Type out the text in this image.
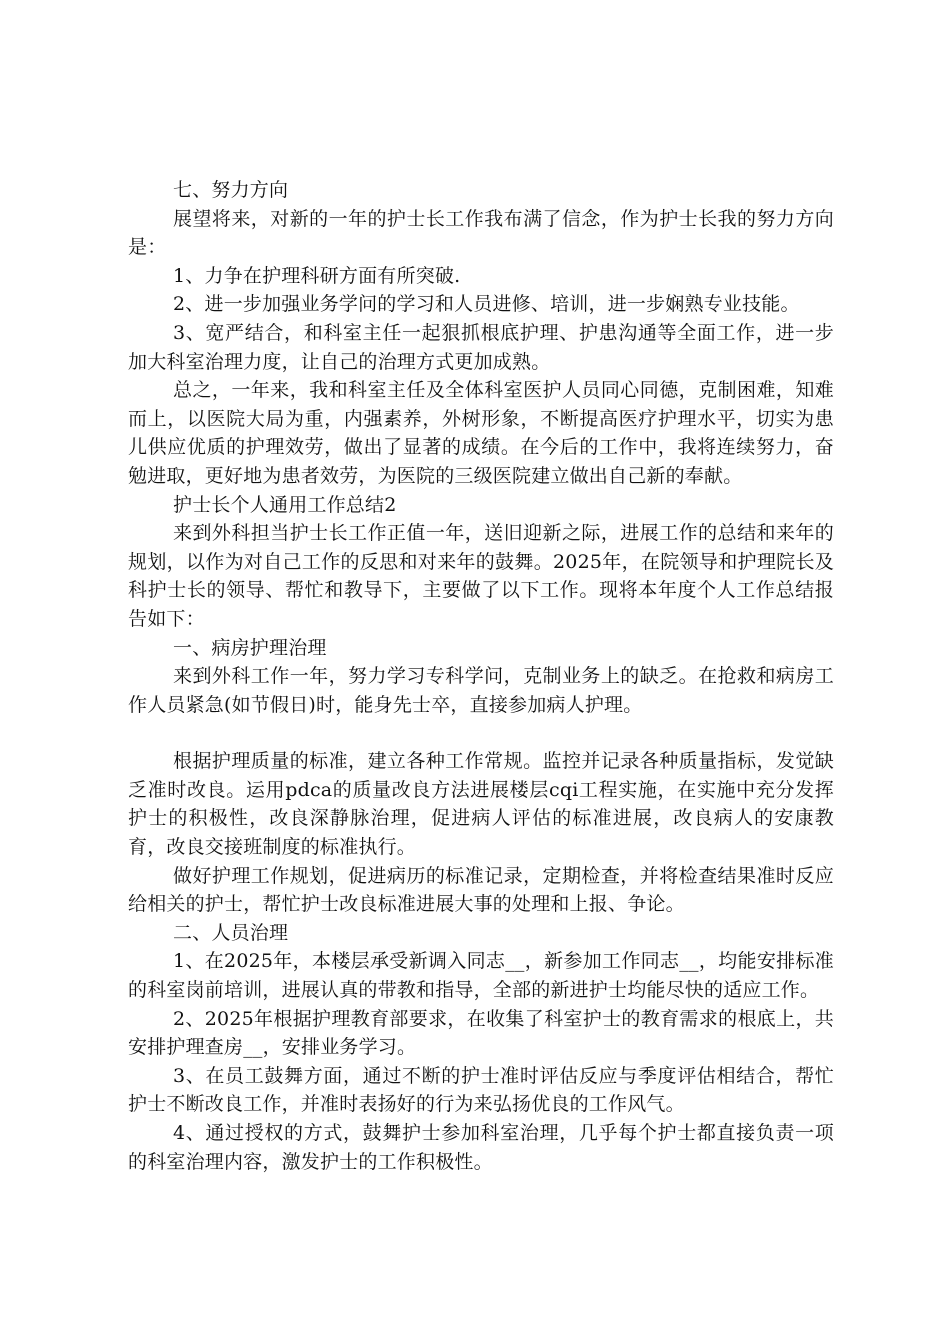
七、努力方向

展望将来，对新的一年的护士长工作我布满了信念，作为护士长我的努力方向是：

1、力争在护理科研方面有所突破.

2、进一步加强业务学问的学习和人员进修、培训，进一步娴熟专业技能。

3、宽严结合，和科室主任一起狠抓根底护理、护患沟通等全面工作，进一步加大科室治理力度，让自己的治理方式更加成熟。

总之，一年来，我和科室主任及全体科室医护人员同心同德，克制困难，知难而上，以医院大局为重，内强素养，外树形象，不断提高医疗护理水平，切实为患儿供应优质的护理效劳，做出了显著的成绩。在今后的工作中，我将连续努力，奋勉进取，更好地为患者效劳，为医院的三级医院建立做出自己新的奉献。

护士长个人通用工作总结2

来到外科担当护士长工作正值一年，送旧迎新之际，进展工作的总结和来年的规划，以作为对自己工作的反思和对来年的鼓舞。2025年，在院领导和护理院长及科护士长的领导、帮忙和教导下，主要做了以下工作。现将本年度个人工作总结报告如下：

一、病房护理治理

来到外科工作一年，努力学习专科学问，克制业务上的缺乏。在抢救和病房工作人员紧急(如节假日)时，能身先士卒，直接参加病人护理。

根据护理质量的标准，建立各种工作常规。监控并记录各种质量指标，发觉缺乏准时改良。运用pdca的质量改良方法进展楼层cqi工程实施，在实施中充分发挥护士的积极性，改良深静脉治理，促进病人评估的标准进展，改良病人的安康教育，改良交接班制度的标准执行。

做好护理工作规划，促进病历的标准记录，定期检查，并将检查结果准时反应给相关的护士，帮忙护士改良标准进展大事的处理和上报、争论。

二、人员治理

1、在2025年，本楼层承受新调入同志__，新参加工作同志__，均能安排标准的科室岗前培训，进展认真的带教和指导，全部的新进护士均能尽快的适应工作。

2、2025年根据护理教育部要求，在收集了科室护士的教育需求的根底上，共安排护理查房__，安排业务学习。

3、在员工鼓舞方面，通过不断的护士准时评估反应与季度评估相结合，帮忙护士不断改良工作，并准时表扬好的行为来弘扬优良的工作风气。

4、通过授权的方式，鼓舞护士参加科室治理，几乎每个护士都直接负责一项的科室治理内容，激发护士的工作积极性。
